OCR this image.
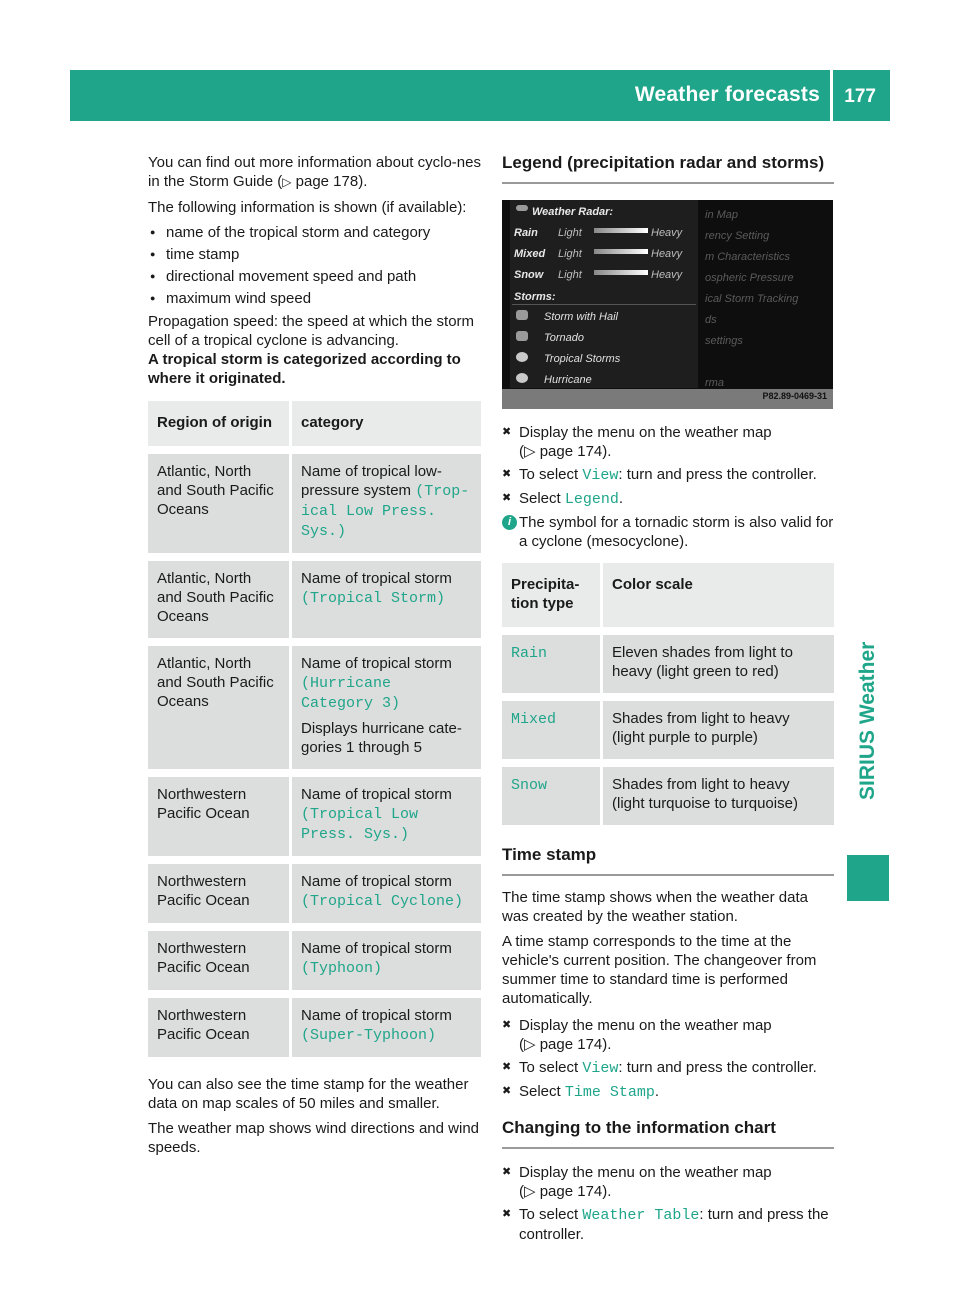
Weather forecasts 177
SIRIUS Weather

You can find out more information about cyclo-nes in the Storm Guide (▷ page 178).

The following information is shown (if available):

● name of the tropical storm and category
● time stamp
● directional movement speed and path
● maximum wind speed

Propagation speed: the speed at which the storm cell of a tropical cyclone is advancing.

A tropical storm is categorized according to where it originated.

Region of origin	category
Atlantic, North and South Pacific Oceans	Name of tropical low-pressure system (Trop‐ ical Low Press. Sys.)
Atlantic, North and South Pacific Oceans	Name of tropical storm (Tropical Storm)
Atlantic, North and South Pacific Oceans	Name of tropical storm (Hurricane Category 3)
Displays hurricane cate-gories 1 through 5

Northwestern Pacific Ocean	Name of tropical storm (Tropical Low Press. Sys.)
Northwestern Pacific Ocean	Name of tropical storm (Tropical Cyclone)
Northwestern Pacific Ocean	Name of tropical storm (Typhoon)
Northwestern Pacific Ocean	Name of tropical storm (Super-Typhoon)

You can also see the time stamp for the weather data on map scales of 50 miles and smaller.

The weather map shows wind directions and wind speeds.

Legend (precipitation radar and storms)
Weather Radar:
Rain Light	Heavy
Mixed Light	Heavy
Snow Light	Heavy
Storms:
Storm with Hail
Tornado
Tropical Storms
Hurricane
in Map
rency Setting
m Characteristics
ospheric Pressure
ical Storm Tracking
ds
settings
rma
P82.89-0469-31
✖ Display the menu on the weather map
(▷ page 174).
✖ To select View: turn and press the controller.
✖ Select Legend.
i The symbol for a tornadic storm is also valid for a cyclone (mesocyclone).
Precipita-tion type	Color scale
Rain	Eleven shades from light to heavy (light green to red)
Mixed	Shades from light to heavy (light purple to purple)
Snow	Shades from light to heavy (light turquoise to turquoise)
Time stamp

The time stamp shows when the weather data was created by the weather station.

A time stamp corresponds to the time at the vehicle's current position. The changeover from summer time to standard time is performed automatically.

✖ Display the menu on the weather map
(▷ page 174).
✖ To select View: turn and press the controller.
✖ Select Time Stamp.
Changing to the information chart
✖ Display the menu on the weather map
(▷ page 174).
✖ To select Weather Table: turn and press the controller.
